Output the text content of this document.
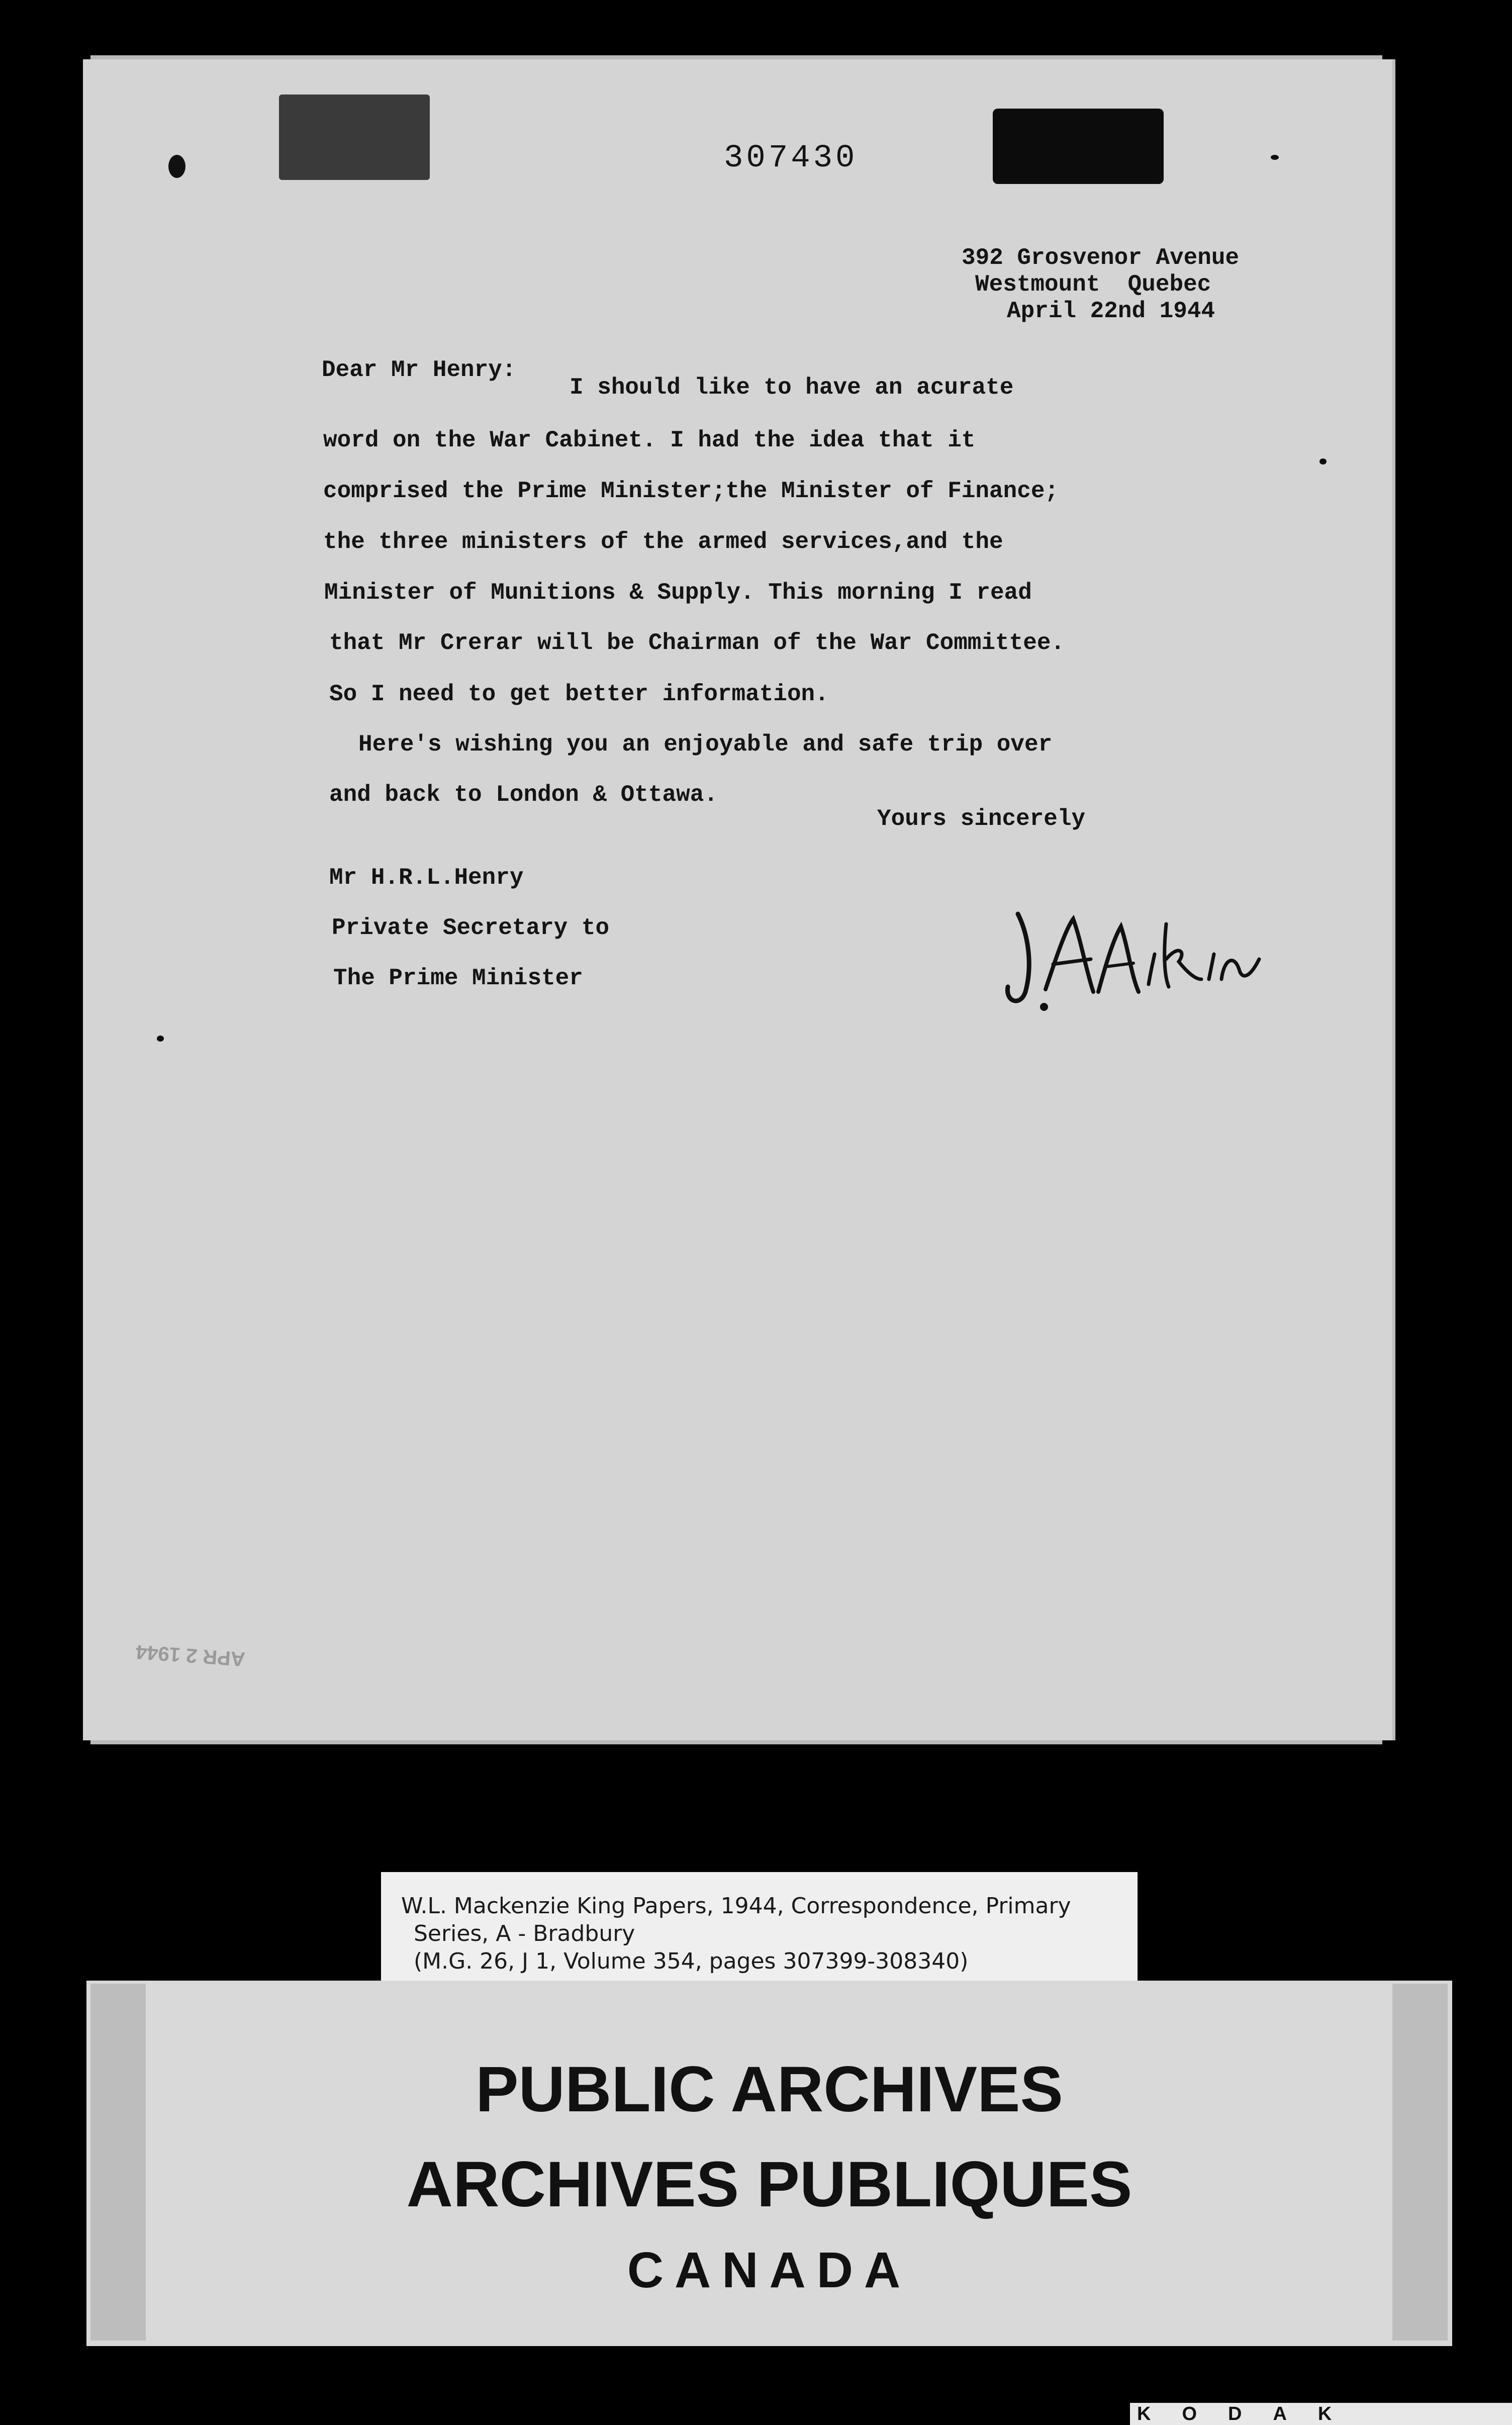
307430
392 Grosvenor Avenue
Westmount  Quebec
April 22nd 1944
Dear Mr Henry:
I should like to have an acurate
word on the War Cabinet. I had the idea that it
comprised the Prime Minister;the Minister of Finance;
the three ministers of the armed services,and the
Minister of Munitions & Supply. This morning I read
that Mr Crerar will be Chairman of the War Committee.
So I need to get better information.
Here's wishing you an enjoyable and safe trip over
and back to London & Ottawa.
Yours sincerely
Mr H.R.L.Henry
Private Secretary to
The Prime Minister
APR 2 1944
W.L. Mackenzie King Papers, 1944, Correspondence, Primary
Series, A - Bradbury
(M.G. 26, J 1, Volume 354, pages 307399-308340)
PUBLIC ARCHIVES
ARCHIVES PUBLIQUES
CANADA
KODAK
